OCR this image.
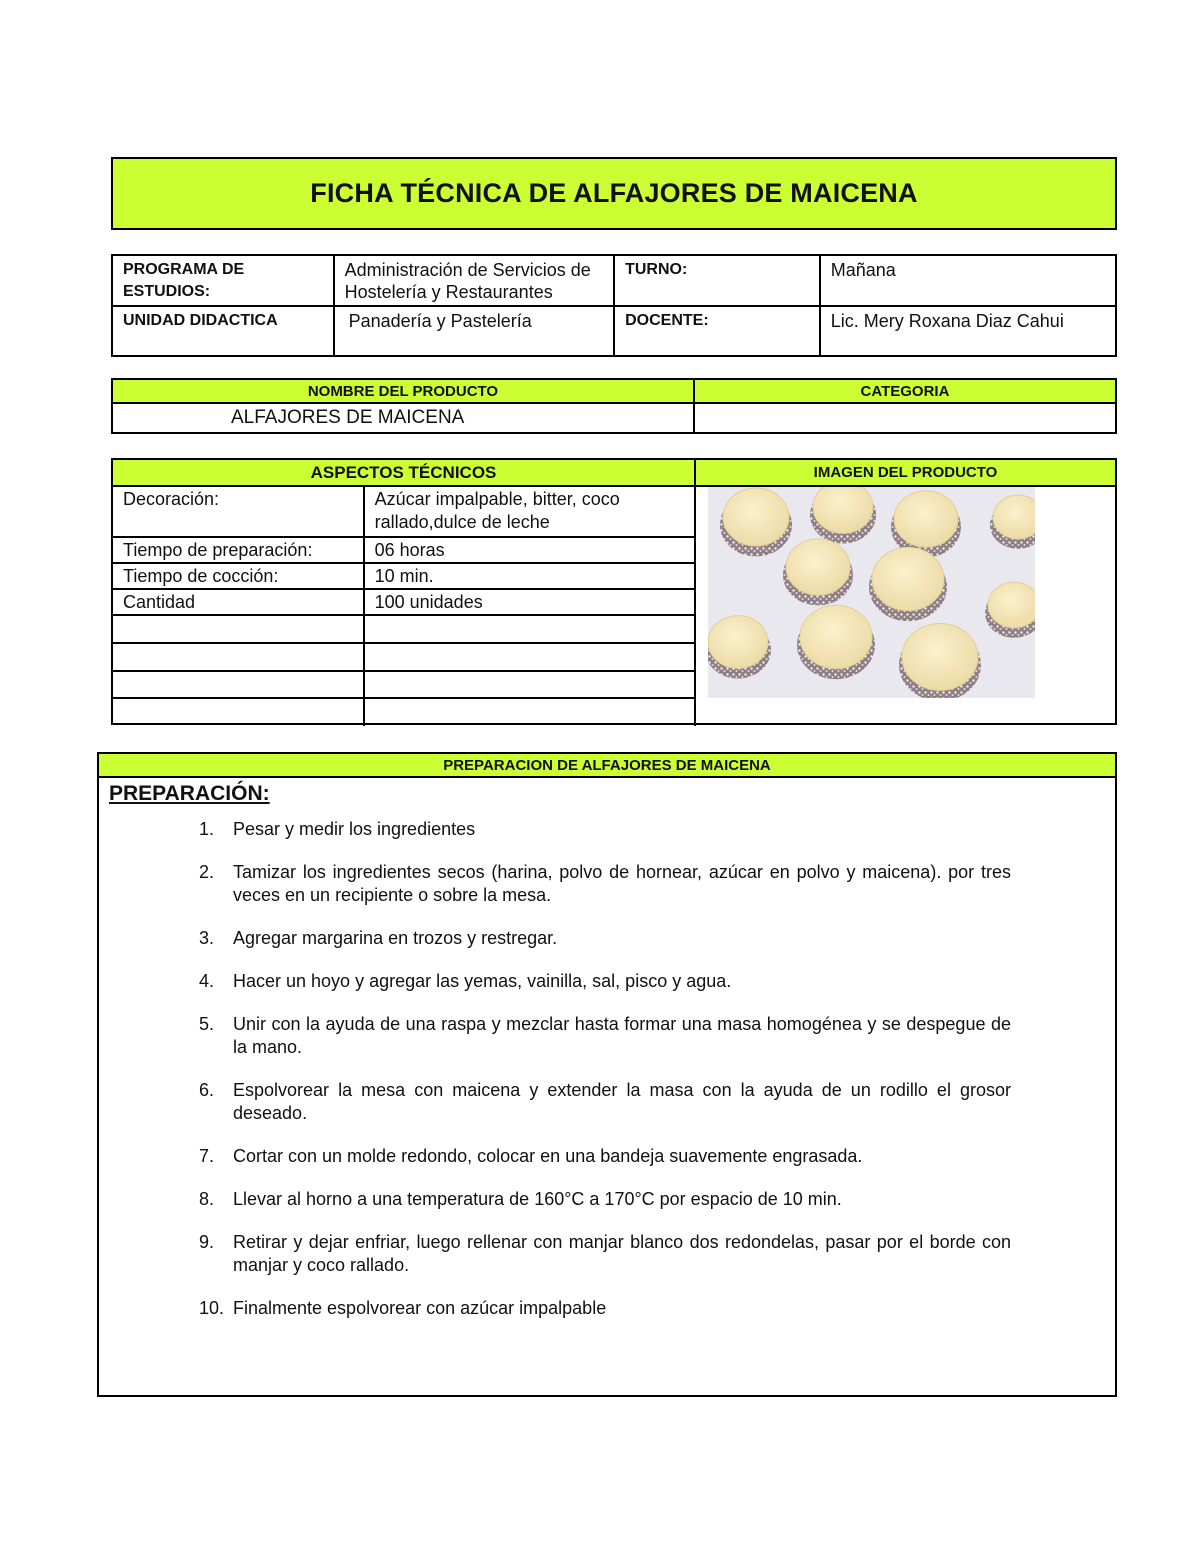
FICHA TÉCNICA DE ALFAJORES DE MAICENA
PROGRAMA DE ESTUDIOS:	Administración de Servicios de Hostelería y Restaurantes	TURNO:	Mañana
UNIDAD DIDACTICA	Panadería y Pastelería	DOCENTE:	Lic. Mery Roxana Diaz Cahui
NOMBRE DEL PRODUCTO	CATEGORIA
ALFAJORES DE MAICENA	
ASPECTOS TÉCNICOS	IMAGEN DEL PRODUCTO
Decoración:	Azúcar impalpable, bitter, coco rallado,dulce de leche
Tiempo de preparación:	06 horas
Tiempo de cocción:	10 min.
Cantidad	100 unidades

PREPARACION DE ALFAJORES DE MAICENA
PREPARACIÓN:
1. Pesar y medir los ingredientes
2. Tamizar los ingredientes secos (harina, polvo de hornear, azúcar en polvo y maicena). por tres veces en un recipiente o sobre la mesa.
3. Agregar margarina en trozos y restregar.
4. Hacer un hoyo y agregar las yemas, vainilla, sal, pisco y agua.
5. Unir con la ayuda de una raspa y mezclar hasta formar una masa homogénea y se despegue de la mano.
6. Espolvorear la mesa con maicena y extender la masa con la ayuda de un rodillo el grosor deseado.
7. Cortar con un molde redondo, colocar en una bandeja suavemente engrasada.
8. Llevar al horno a una temperatura de 160°C a 170°C por espacio de 10 min.
9. Retirar y dejar enfriar, luego rellenar con manjar blanco dos redondelas, pasar por el borde con manjar y coco rallado.
10. Finalmente espolvorear con azúcar impalpable
